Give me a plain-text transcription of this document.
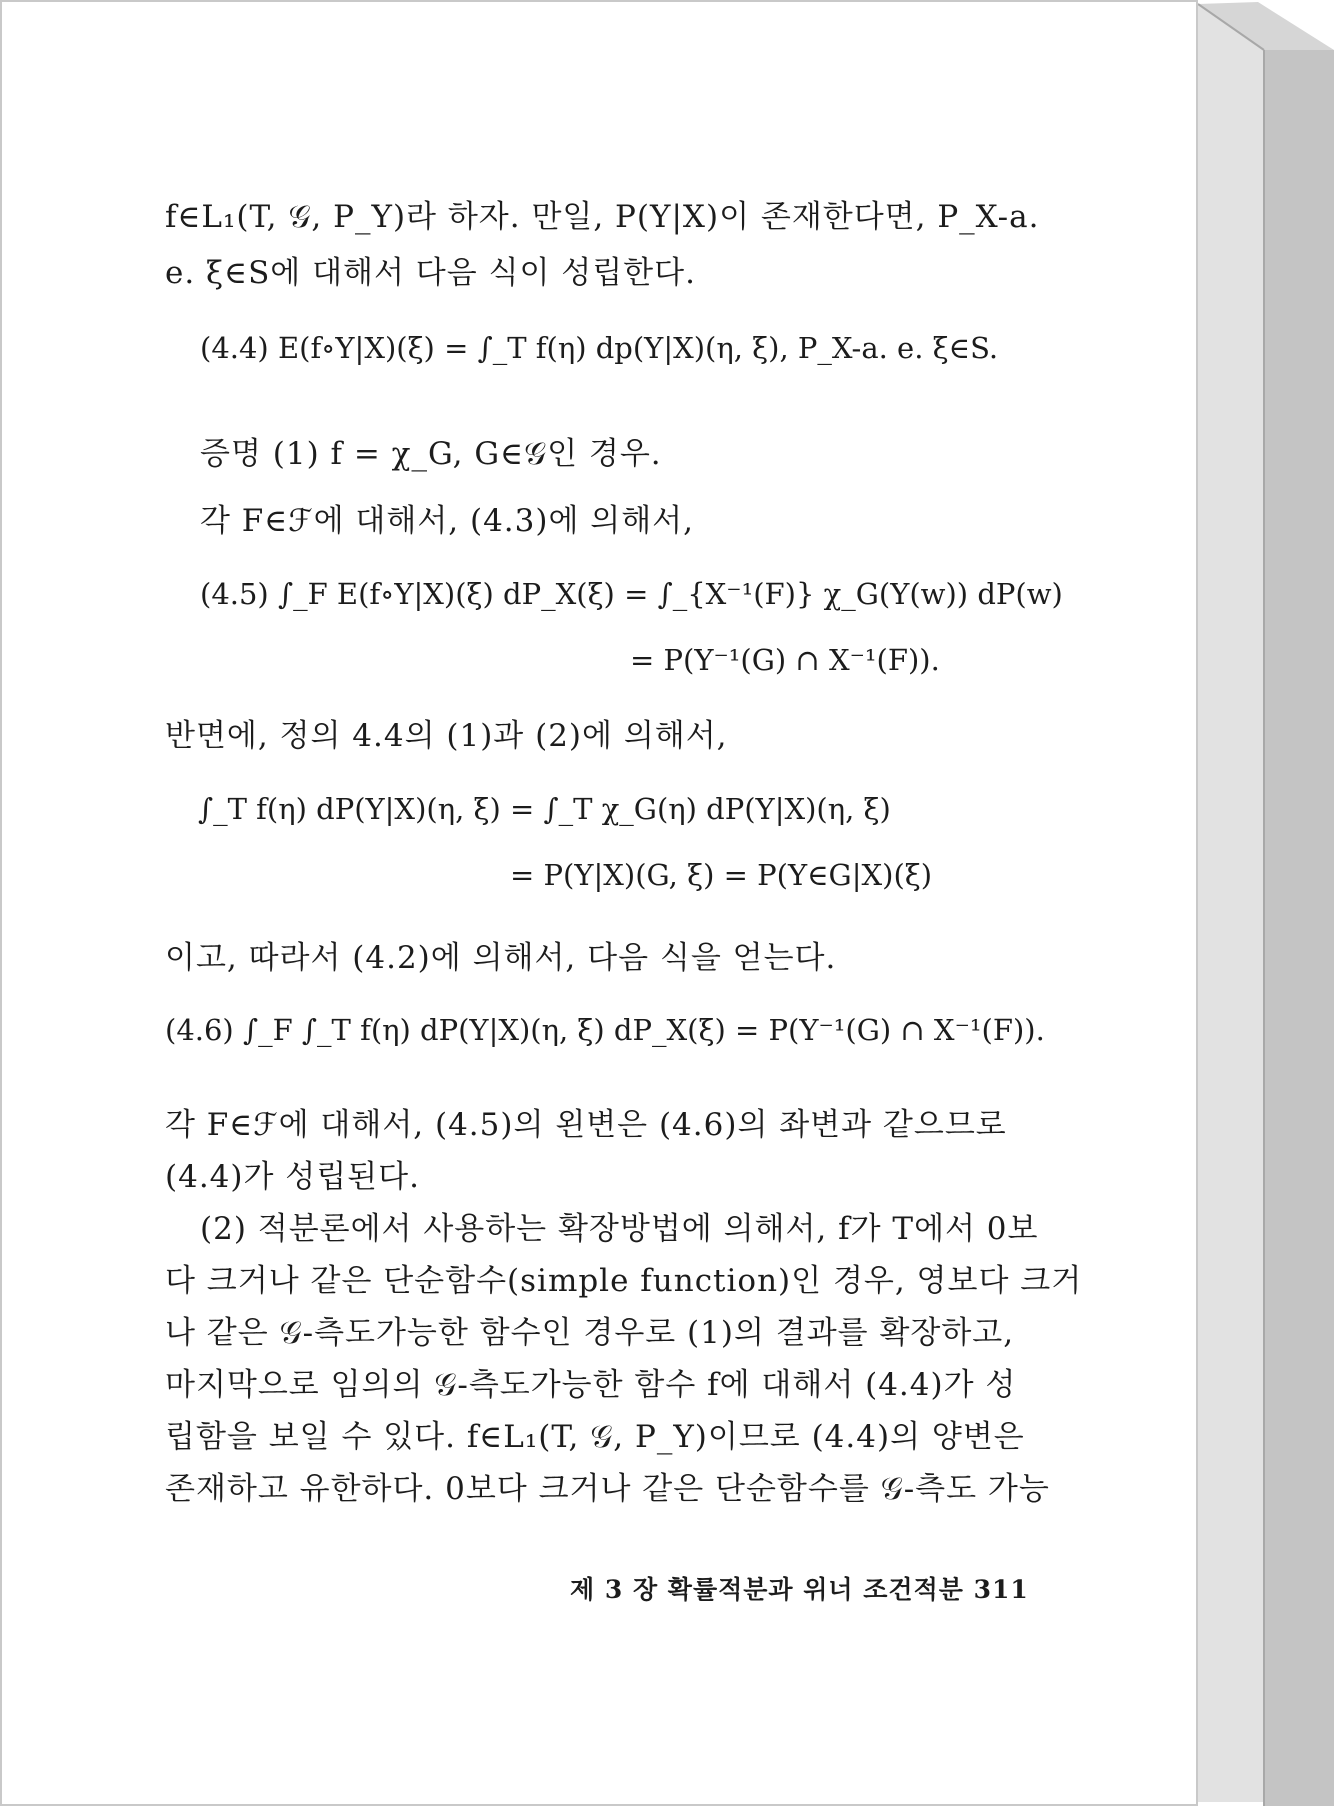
f∈L₁(T, 𝒢, P_Y)라 하자. 만일, P(Y|X)이 존재한다면, P_X-a.
e. ξ∈S에 대해서 다음 식이 성립한다.
(4.4) E(f∘Y|X)(ξ) = ∫_T f(η) dp(Y|X)(η, ξ), P_X-a. e. ξ∈S.
증명 (1) f = χ_G, G∈𝒢인 경우.
각 F∈ℱ에 대해서, (4.3)에 의해서,
(4.5) ∫_F E(f∘Y|X)(ξ) dP_X(ξ) = ∫_{X⁻¹(F)} χ_G(Y(w)) dP(w)
= P(Y⁻¹(G) ∩ X⁻¹(F)).
반면에, 정의 4.4의 (1)과 (2)에 의해서,
∫_T f(η) dP(Y|X)(η, ξ) = ∫_T χ_G(η) dP(Y|X)(η, ξ)
= P(Y|X)(G, ξ) = P(Y∈G|X)(ξ)
이고, 따라서 (4.2)에 의해서, 다음 식을 얻는다.
(4.6) ∫_F ∫_T f(η) dP(Y|X)(η, ξ) dP_X(ξ) = P(Y⁻¹(G) ∩ X⁻¹(F)).
각 F∈ℱ에 대해서, (4.5)의 왼변은 (4.6)의 좌변과 같으므로
(4.4)가 성립된다.
(2) 적분론에서 사용하는 확장방법에 의해서, f가 T에서 0보
다 크거나 같은 단순함수(simple function)인 경우, 영보다 크거
나 같은 𝒢-측도가능한 함수인 경우로 (1)의 결과를 확장하고,
마지막으로 임의의 𝒢-측도가능한 함수 f에 대해서 (4.4)가 성
립함을 보일 수 있다. f∈L₁(T, 𝒢, P_Y)이므로 (4.4)의 양변은
존재하고 유한하다. 0보다 크거나 같은 단순함수를 𝒢-측도 가능
제 3 장 확률적분과 위너 조건적분 311
